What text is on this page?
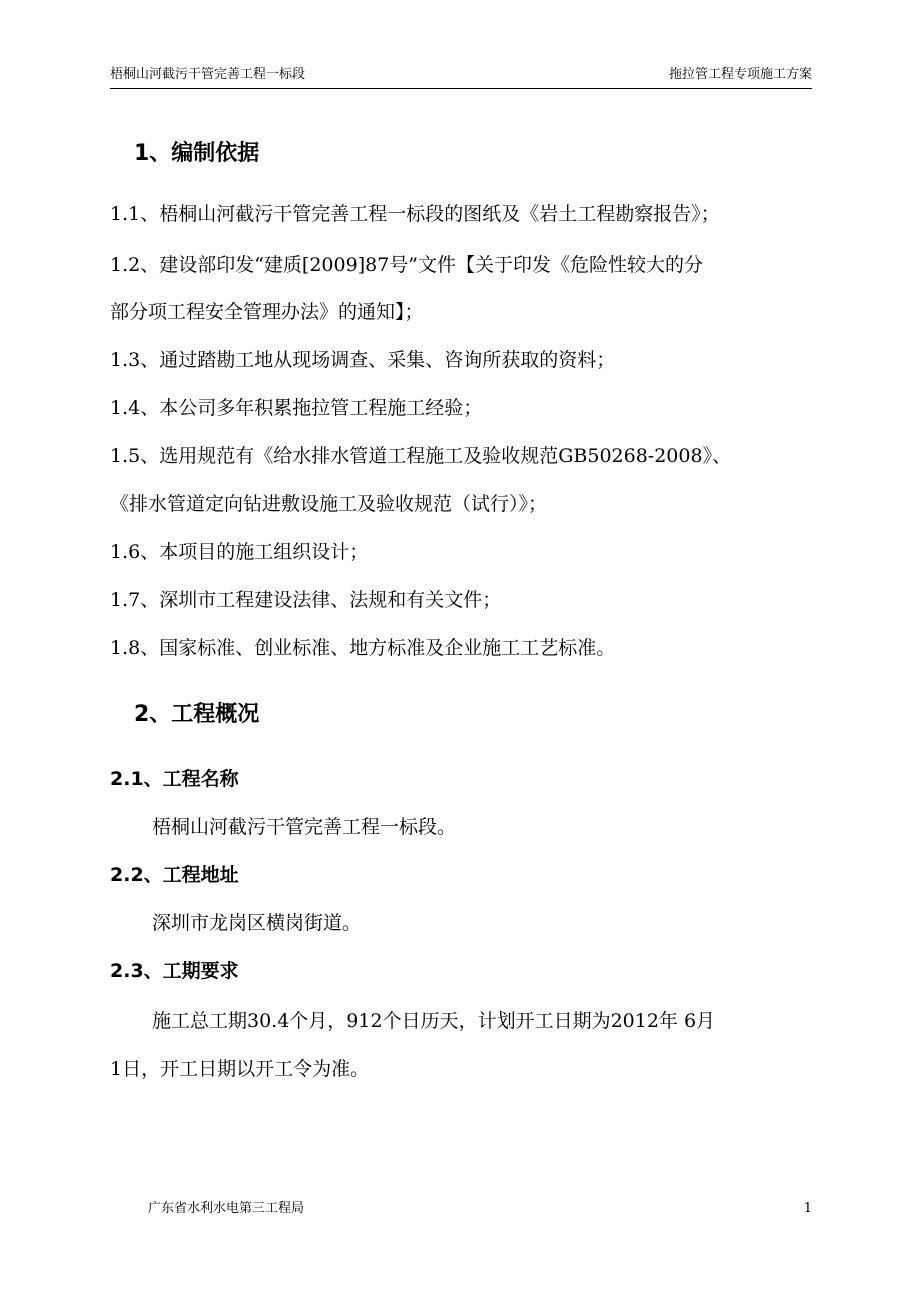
梧桐山河截污干管完善工程一标段	拖拉管工程专项施工方案
1、编制依据
1.1、梧桐山河截污干管完善工程一标段的图纸及《岩土工程勘察报告》；
1.2、建设部印发“建质[2009]87号”文件【关于印发《危险性较大的分
部分项工程安全管理办法》的通知】；
1.3、通过踏勘工地从现场调查、采集、咨询所获取的资料；
1.4、本公司多年积累拖拉管工程施工经验；
1.5、选用规范有《给水排水管道工程施工及验收规范GB50268-2008》、
《排水管道定向钻进敷设施工及验收规范（试行）》；
1.6、本项目的施工组织设计；
1.7、深圳市工程建设法律、法规和有关文件；
1.8、国家标准、创业标准、地方标准及企业施工工艺标准。
2、工程概况
2.1、工程名称
梧桐山河截污干管完善工程一标段。
2.2、工程地址
深圳市龙岗区横岗街道。
2.3、工期要求
施工总工期30.4个月，912个日历天，计划开工日期为2012年 6月
1日，开工日期以开工令为准。
广东省水利水电第三工程局	1
